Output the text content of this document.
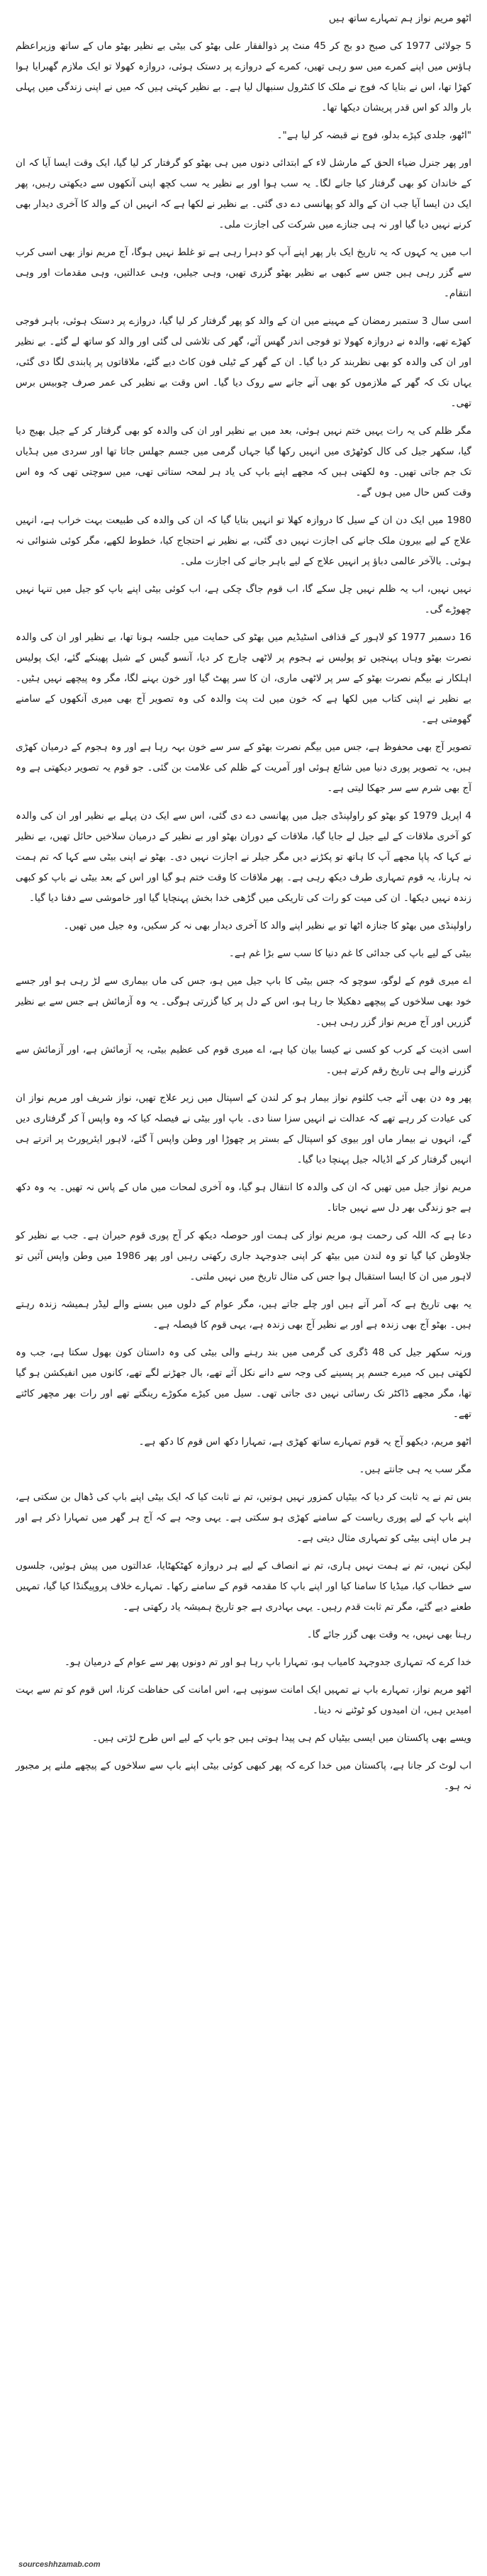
اٹھو مریم نواز ہم تمہارے ساتھ ہیں

5 جولائی 1977 کی صبح دو بج کر 45 منٹ پر ذوالفقار علی بھٹو کی بیٹی بے نظیر بھٹو ماں کے ساتھ وزیراعظم ہاؤس میں اپنے کمرے میں سو رہی تھیں، کمرے کے دروازے پر دستک ہوئی، دروازہ کھولا تو ایک ملازم گھبرایا ہوا کھڑا تھا، اس نے بتایا کہ فوج نے ملک کا کنٹرول سنبھال لیا ہے۔ بے نظیر کہتی ہیں کہ میں نے اپنی زندگی میں پہلی بار والد کو اس قدر پریشان دیکھا تھا۔

"اٹھو، جلدی کپڑے بدلو، فوج نے قبضہ کر لیا ہے"۔

اور پھر جنرل ضیاء الحق کے مارشل لاء کے ابتدائی دنوں میں ہی بھٹو کو گرفتار کر لیا گیا، ایک وقت ایسا آیا کہ ان کے خاندان کو بھی گرفتار کیا جانے لگا۔ یہ سب ہوا اور بے نظیر یہ سب کچھ اپنی آنکھوں سے دیکھتی رہیں، پھر ایک دن ایسا آیا جب ان کے والد کو پھانسی دے دی گئی۔ بے نظیر نے لکھا ہے کہ انہیں ان کے والد کا آخری دیدار بھی کرنے نہیں دیا گیا اور نہ ہی جنازے میں شرکت کی اجازت ملی۔

اب میں یہ کہوں کہ یہ تاریخ ایک بار پھر اپنے آپ کو دہرا رہی ہے تو غلط نہیں ہوگا، آج مریم نواز بھی اسی کرب سے گزر رہی ہیں جس سے کبھی بے نظیر بھٹو گزری تھیں، وہی جیلیں، وہی عدالتیں، وہی مقدمات اور وہی انتقام۔

اسی سال 3 ستمبر رمضان کے مہینے میں ان کے والد کو پھر گرفتار کر لیا گیا، دروازے پر دستک ہوئی، باہر فوجی کھڑے تھے، والدہ نے دروازہ کھولا تو فوجی اندر گھس آئے، گھر کی تلاشی لی گئی اور والد کو ساتھ لے گئے۔ بے نظیر اور ان کی والدہ کو بھی نظربند کر دیا گیا۔ ان کے گھر کے ٹیلی فون کاٹ دیے گئے، ملاقاتوں پر پابندی لگا دی گئی، یہاں تک کہ گھر کے ملازموں کو بھی آنے جانے سے روک دیا گیا۔ اس وقت بے نظیر کی عمر صرف چوبیس برس تھی۔

مگر ظلم کی یہ رات یہیں ختم نہیں ہوئی، بعد میں بے نظیر اور ان کی والدہ کو بھی گرفتار کر کے جیل بھیج دیا گیا، سکھر جیل کی کال کوٹھڑی میں انہیں رکھا گیا جہاں گرمی میں جسم جھلس جاتا تھا اور سردی میں ہڈیاں تک جم جاتی تھیں۔ وہ لکھتی ہیں کہ مجھے اپنے باپ کی یاد ہر لمحہ ستاتی تھی، میں سوچتی تھی کہ وہ اس وقت کس حال میں ہوں گے۔

1980 میں ایک دن ان کے سیل کا دروازہ کھلا تو انہیں بتایا گیا کہ ان کی والدہ کی طبیعت بہت خراب ہے، انہیں علاج کے لیے بیرون ملک جانے کی اجازت نہیں دی گئی، بے نظیر نے احتجاج کیا، خطوط لکھے، مگر کوئی شنوائی نہ ہوئی۔ بالآخر عالمی دباؤ پر انہیں علاج کے لیے باہر جانے کی اجازت ملی۔

نہیں نہیں، اب یہ ظلم نہیں چل سکے گا، اب قوم جاگ چکی ہے، اب کوئی بیٹی اپنے باپ کو جیل میں تنہا نہیں چھوڑے گی۔

16 دسمبر 1977 کو لاہور کے قذافی اسٹیڈیم میں بھٹو کی حمایت میں جلسہ ہونا تھا، بے نظیر اور ان کی والدہ نصرت بھٹو وہاں پہنچیں تو پولیس نے ہجوم پر لاٹھی چارج کر دیا، آنسو گیس کے شیل پھینکے گئے، ایک پولیس اہلکار نے بیگم نصرت بھٹو کے سر پر لاٹھی ماری، ان کا سر پھٹ گیا اور خون بہنے لگا، مگر وہ پیچھے نہیں ہٹیں۔ بے نظیر نے اپنی کتاب میں لکھا ہے کہ خون میں لت پت والدہ کی وہ تصویر آج بھی میری آنکھوں کے سامنے گھومتی ہے۔

تصویر آج بھی محفوظ ہے، جس میں بیگم نصرت بھٹو کے سر سے خون بہہ رہا ہے اور وہ ہجوم کے درمیان کھڑی ہیں، یہ تصویر پوری دنیا میں شائع ہوئی اور آمریت کے ظلم کی علامت بن گئی۔ جو قوم یہ تصویر دیکھتی ہے وہ آج بھی شرم سے سر جھکا لیتی ہے۔

4 اپریل 1979 کو بھٹو کو راولپنڈی جیل میں پھانسی دے دی گئی، اس سے ایک دن پہلے بے نظیر اور ان کی والدہ کو آخری ملاقات کے لیے جیل لے جایا گیا، ملاقات کے دوران بھٹو اور بے نظیر کے درمیان سلاخیں حائل تھیں، بے نظیر نے کہا کہ پاپا مجھے آپ کا ہاتھ تو پکڑنے دیں مگر جیلر نے اجازت نہیں دی۔ بھٹو نے اپنی بیٹی سے کہا کہ تم ہمت نہ ہارنا، یہ قوم تمہاری طرف دیکھ رہی ہے۔ پھر ملاقات کا وقت ختم ہو گیا اور اس کے بعد بیٹی نے باپ کو کبھی زندہ نہیں دیکھا۔ ان کی میت کو رات کی تاریکی میں گڑھی خدا بخش پہنچایا گیا اور خاموشی سے دفنا دیا گیا۔

راولپنڈی میں بھٹو کا جنازہ اٹھا تو بے نظیر اپنے والد کا آخری دیدار بھی نہ کر سکیں، وہ جیل میں تھیں۔

بیٹی کے لیے باپ کی جدائی کا غم دنیا کا سب سے بڑا غم ہے۔

اے میری قوم کے لوگو، سوچو کہ جس بیٹی کا باپ جیل میں ہو، جس کی ماں بیماری سے لڑ رہی ہو اور جسے خود بھی سلاخوں کے پیچھے دھکیلا جا رہا ہو، اس کے دل پر کیا گزرتی ہوگی۔ یہ وہ آزمائش ہے جس سے بے نظیر گزریں اور آج مریم نواز گزر رہی ہیں۔

اسی اذیت کے کرب کو کسی نے کیسا بیان کیا ہے، اے میری قوم کی عظیم بیٹی، یہ آزمائش ہے، اور آزمائش سے گزرنے والے ہی تاریخ رقم کرتے ہیں۔

پھر وہ دن بھی آئے جب کلثوم نواز بیمار ہو کر لندن کے اسپتال میں زیر علاج تھیں، نواز شریف اور مریم نواز ان کی عیادت کر رہے تھے کہ عدالت نے انہیں سزا سنا دی۔ باپ اور بیٹی نے فیصلہ کیا کہ وہ واپس آ کر گرفتاری دیں گے، انہوں نے بیمار ماں اور بیوی کو اسپتال کے بستر پر چھوڑا اور وطن واپس آ گئے، لاہور ایئرپورٹ پر اترتے ہی انہیں گرفتار کر کے اڈیالہ جیل پہنچا دیا گیا۔

مریم نواز جیل میں تھیں کہ ان کی والدہ کا انتقال ہو گیا، وہ آخری لمحات میں ماں کے پاس نہ تھیں۔ یہ وہ دکھ ہے جو زندگی بھر دل سے نہیں جاتا۔

دعا ہے کہ اللہ کی رحمت ہو، مریم نواز کی ہمت اور حوصلہ دیکھ کر آج پوری قوم حیران ہے۔ جب بے نظیر کو جلاوطن کیا گیا تو وہ لندن میں بیٹھ کر اپنی جدوجہد جاری رکھتی رہیں اور پھر 1986 میں وطن واپس آئیں تو لاہور میں ان کا ایسا استقبال ہوا جس کی مثال تاریخ میں نہیں ملتی۔

یہ بھی تاریخ ہے کہ آمر آتے ہیں اور چلے جاتے ہیں، مگر عوام کے دلوں میں بسنے والے لیڈر ہمیشہ زندہ رہتے ہیں۔ بھٹو آج بھی زندہ ہے اور بے نظیر آج بھی زندہ ہے، یہی قوم کا فیصلہ ہے۔

ورنہ سکھر جیل کی 48 ڈگری کی گرمی میں بند رہنے والی بیٹی کی وہ داستان کون بھول سکتا ہے، جب وہ لکھتی ہیں کہ میرے جسم پر پسینے کی وجہ سے دانے نکل آئے تھے، بال جھڑنے لگے تھے، کانوں میں انفیکشن ہو گیا تھا، مگر مجھے ڈاکٹر تک رسائی نہیں دی جاتی تھی۔ سیل میں کیڑے مکوڑے رینگتے تھے اور رات بھر مچھر کاٹتے تھے۔

اٹھو مریم، دیکھو آج یہ قوم تمہارے ساتھ کھڑی ہے، تمہارا دکھ اس قوم کا دکھ ہے۔

مگر سب یہ ہی جانتے ہیں۔

بس تم نے یہ ثابت کر دیا کہ بیٹیاں کمزور نہیں ہوتیں، تم نے ثابت کیا کہ ایک بیٹی اپنے باپ کی ڈھال بن سکتی ہے، اپنے باپ کے لیے پوری ریاست کے سامنے کھڑی ہو سکتی ہے۔ یہی وجہ ہے کہ آج ہر گھر میں تمہارا ذکر ہے اور ہر ماں اپنی بیٹی کو تمہاری مثال دیتی ہے۔

لیکن نہیں، تم نے ہمت نہیں ہاری، تم نے انصاف کے لیے ہر دروازہ کھٹکھٹایا، عدالتوں میں پیش ہوئیں، جلسوں سے خطاب کیا، میڈیا کا سامنا کیا اور اپنے باپ کا مقدمہ قوم کے سامنے رکھا۔ تمہارے خلاف پروپیگنڈا کیا گیا، تمہیں طعنے دیے گئے، مگر تم ثابت قدم رہیں۔ یہی بہادری ہے جو تاریخ ہمیشہ یاد رکھتی ہے۔

رہنا بھی نہیں، یہ وقت بھی گزر جائے گا۔

خدا کرے کہ تمہاری جدوجہد کامیاب ہو، تمہارا باپ رہا ہو اور تم دونوں پھر سے عوام کے درمیان ہو۔

اٹھو مریم نواز، تمہارے باپ نے تمہیں ایک امانت سونپی ہے، اس امانت کی حفاظت کرنا، اس قوم کو تم سے بہت امیدیں ہیں، ان امیدوں کو ٹوٹنے نہ دینا۔

ویسے بھی پاکستان میں ایسی بیٹیاں کم ہی پیدا ہوتی ہیں جو باپ کے لیے اس طرح لڑتی ہیں۔

اب لوٹ کر جانا ہے، پاکستان میں خدا کرے کہ پھر کبھی کوئی بیٹی اپنے باپ سے سلاخوں کے پیچھے ملنے پر مجبور نہ ہو۔

sourceshhzamab.com
